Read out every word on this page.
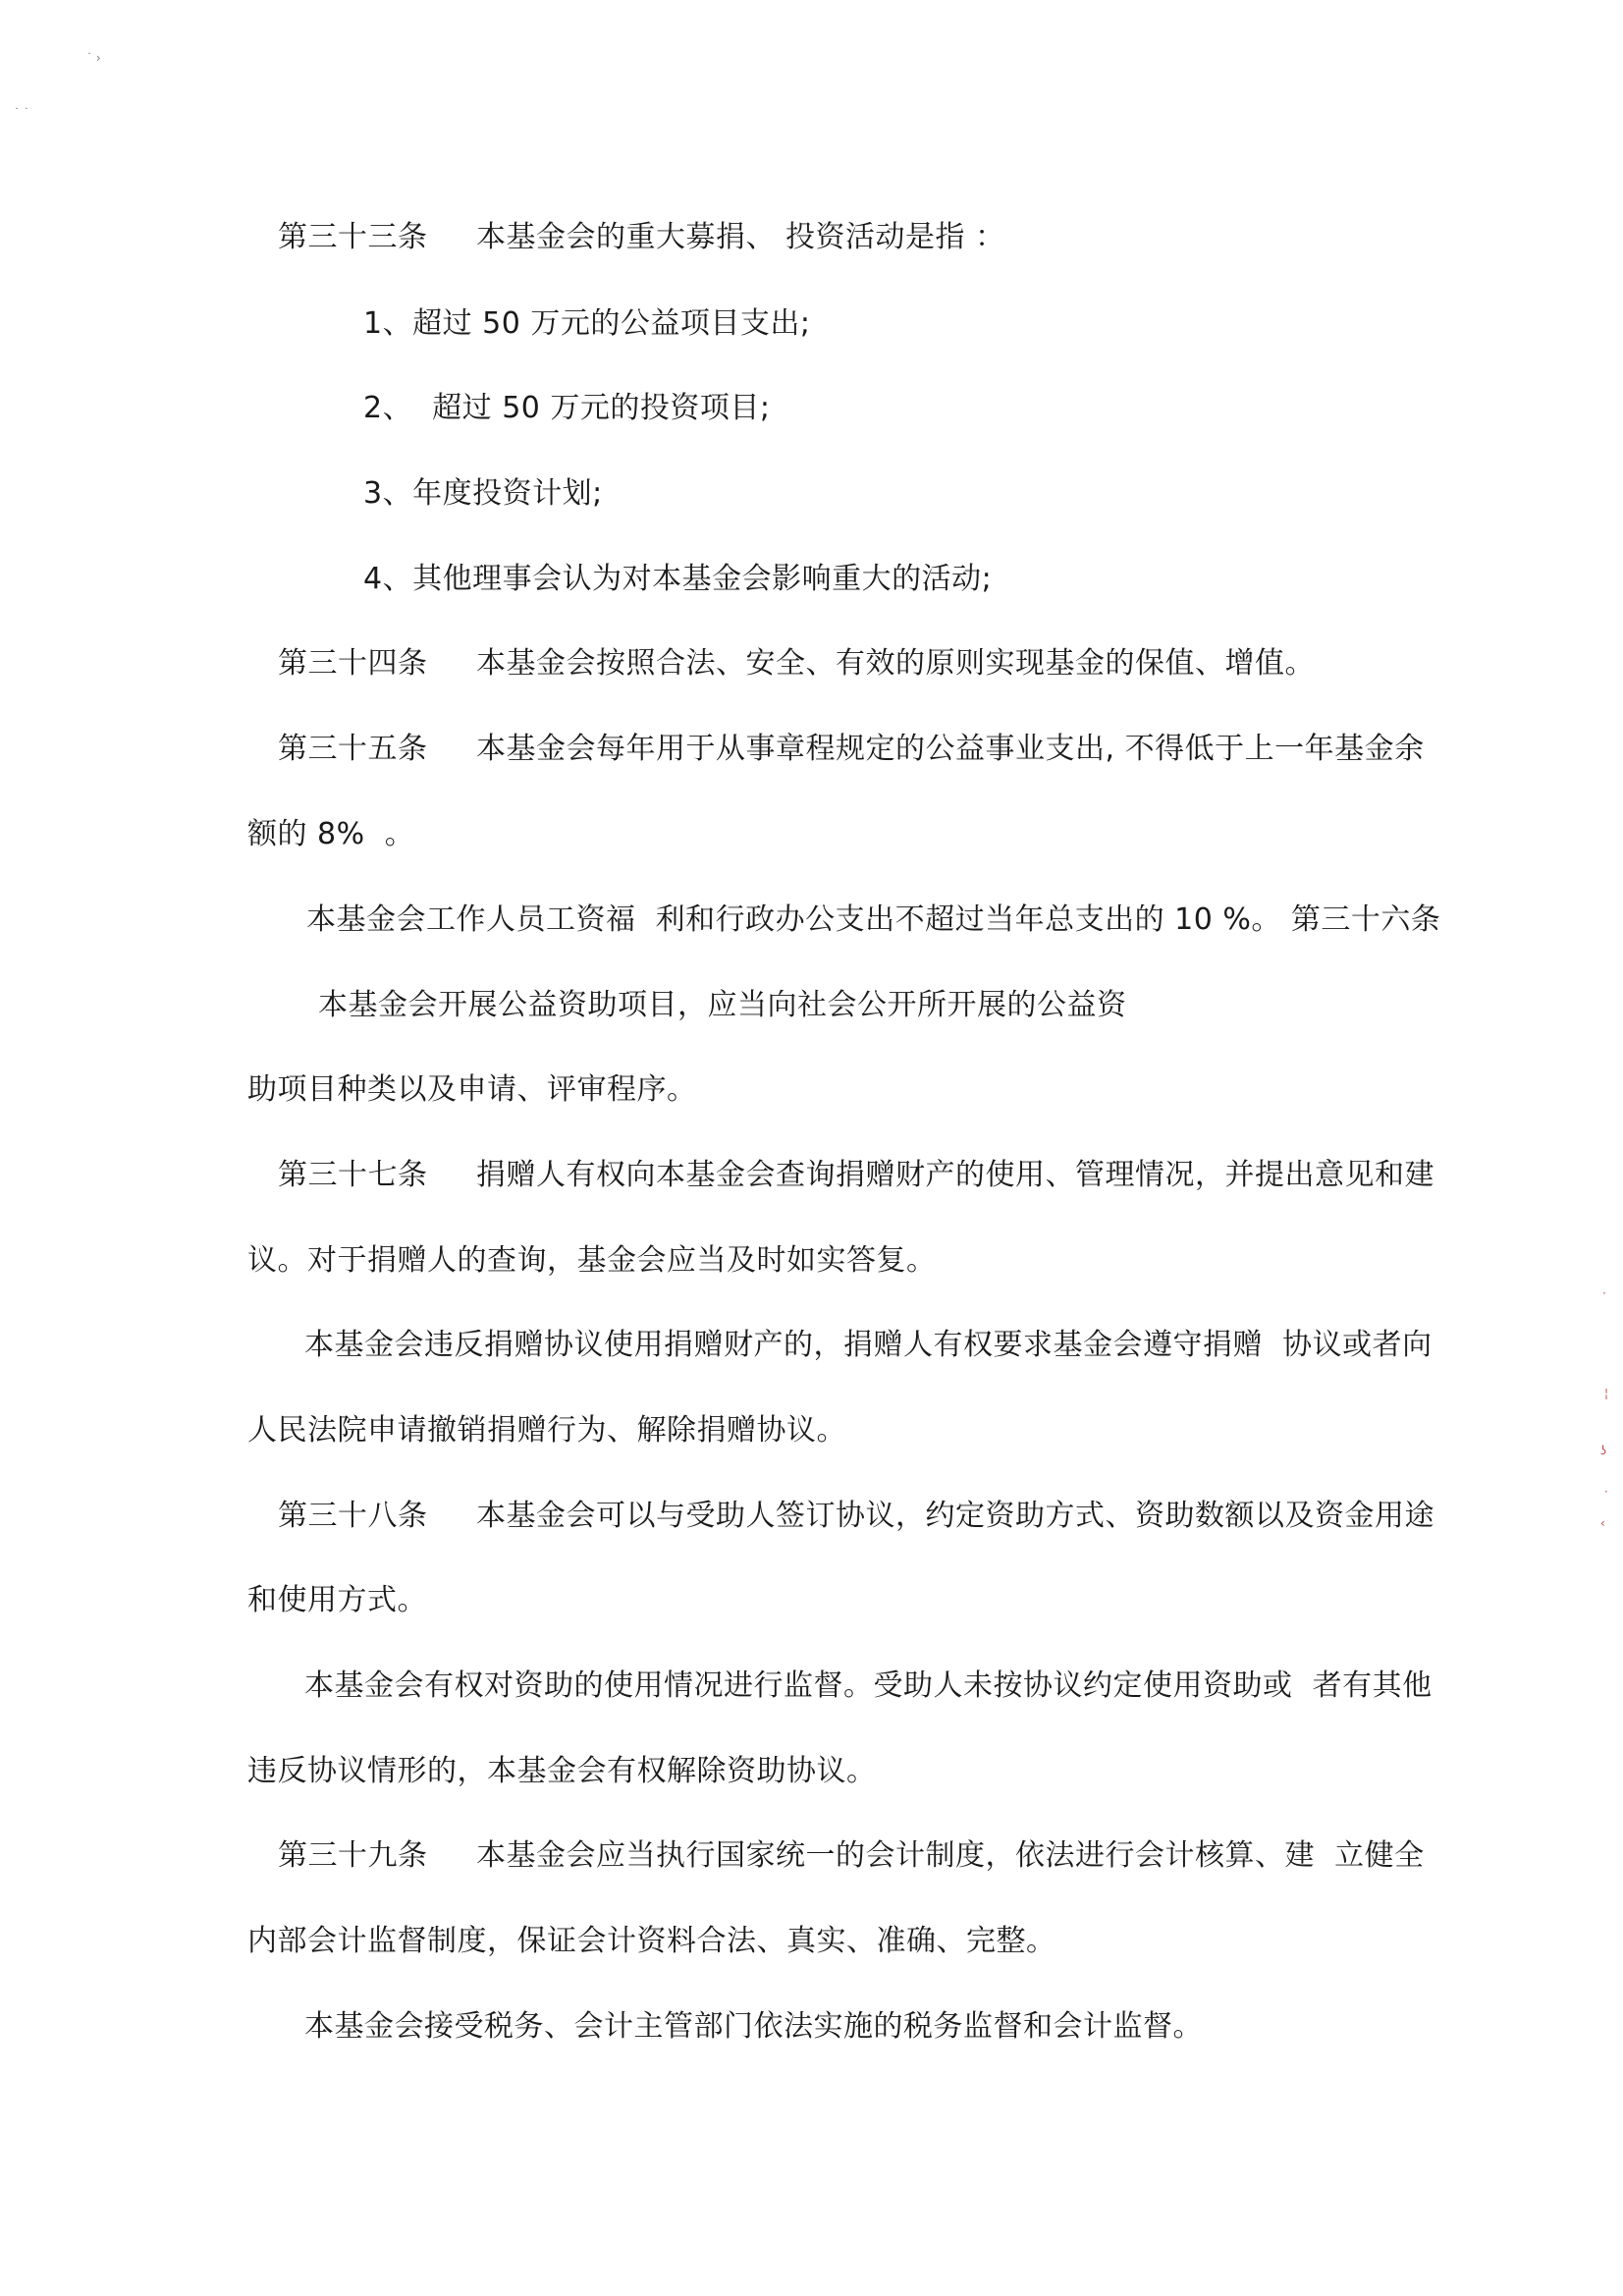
˙ ›
˙ ˙
·
¦
ʖ
·
‹
第三十三条 本基金会的重大募捐、 投资活动是指 ：
1、超过 50 万元的公益项目支出;
2、  超过 50 万元的投资项目;
3、年度投资计划;
4、其他理事会认为对本基金会影响重大的活动;
第三十四条 本基金会按照合法、安全、有效的原则实现基金的保值、增值。
第三十五条 本基金会每年用于从事章程规定的公益事业支出, 不得低于上一年基金余
额的 8%  。
本基金会工作人员工资福  利和行政办公支出不超过当年总支出的 10 %。 第三十六条
本基金会开展公益资助项目，应当向社会公开所开展的公益资
助项目种类以及申请、评审程序。
第三十七条 捐赠人有权向本基金会查询捐赠财产的使用、管理情况，并提出意见和建
议。对于捐赠人的查询，基金会应当及时如实答复。
本基金会违反捐赠协议使用捐赠财产的，捐赠人有权要求基金会遵守捐赠  协议或者向
人民法院申请撤销捐赠行为、解除捐赠协议。
第三十八条 本基金会可以与受助人签订协议，约定资助方式、资助数额以及资金用途
和使用方式。
本基金会有权对资助的使用情况进行监督。受助人未按协议约定使用资助或  者有其他
违反协议情形的，本基金会有权解除资助协议。
第三十九条 本基金会应当执行国家统一的会计制度，依法进行会计核算、建  立健全
内部会计监督制度，保证会计资料合法、真实、准确、完整。
本基金会接受税务、会计主管部门依法实施的税务监督和会计监督。
